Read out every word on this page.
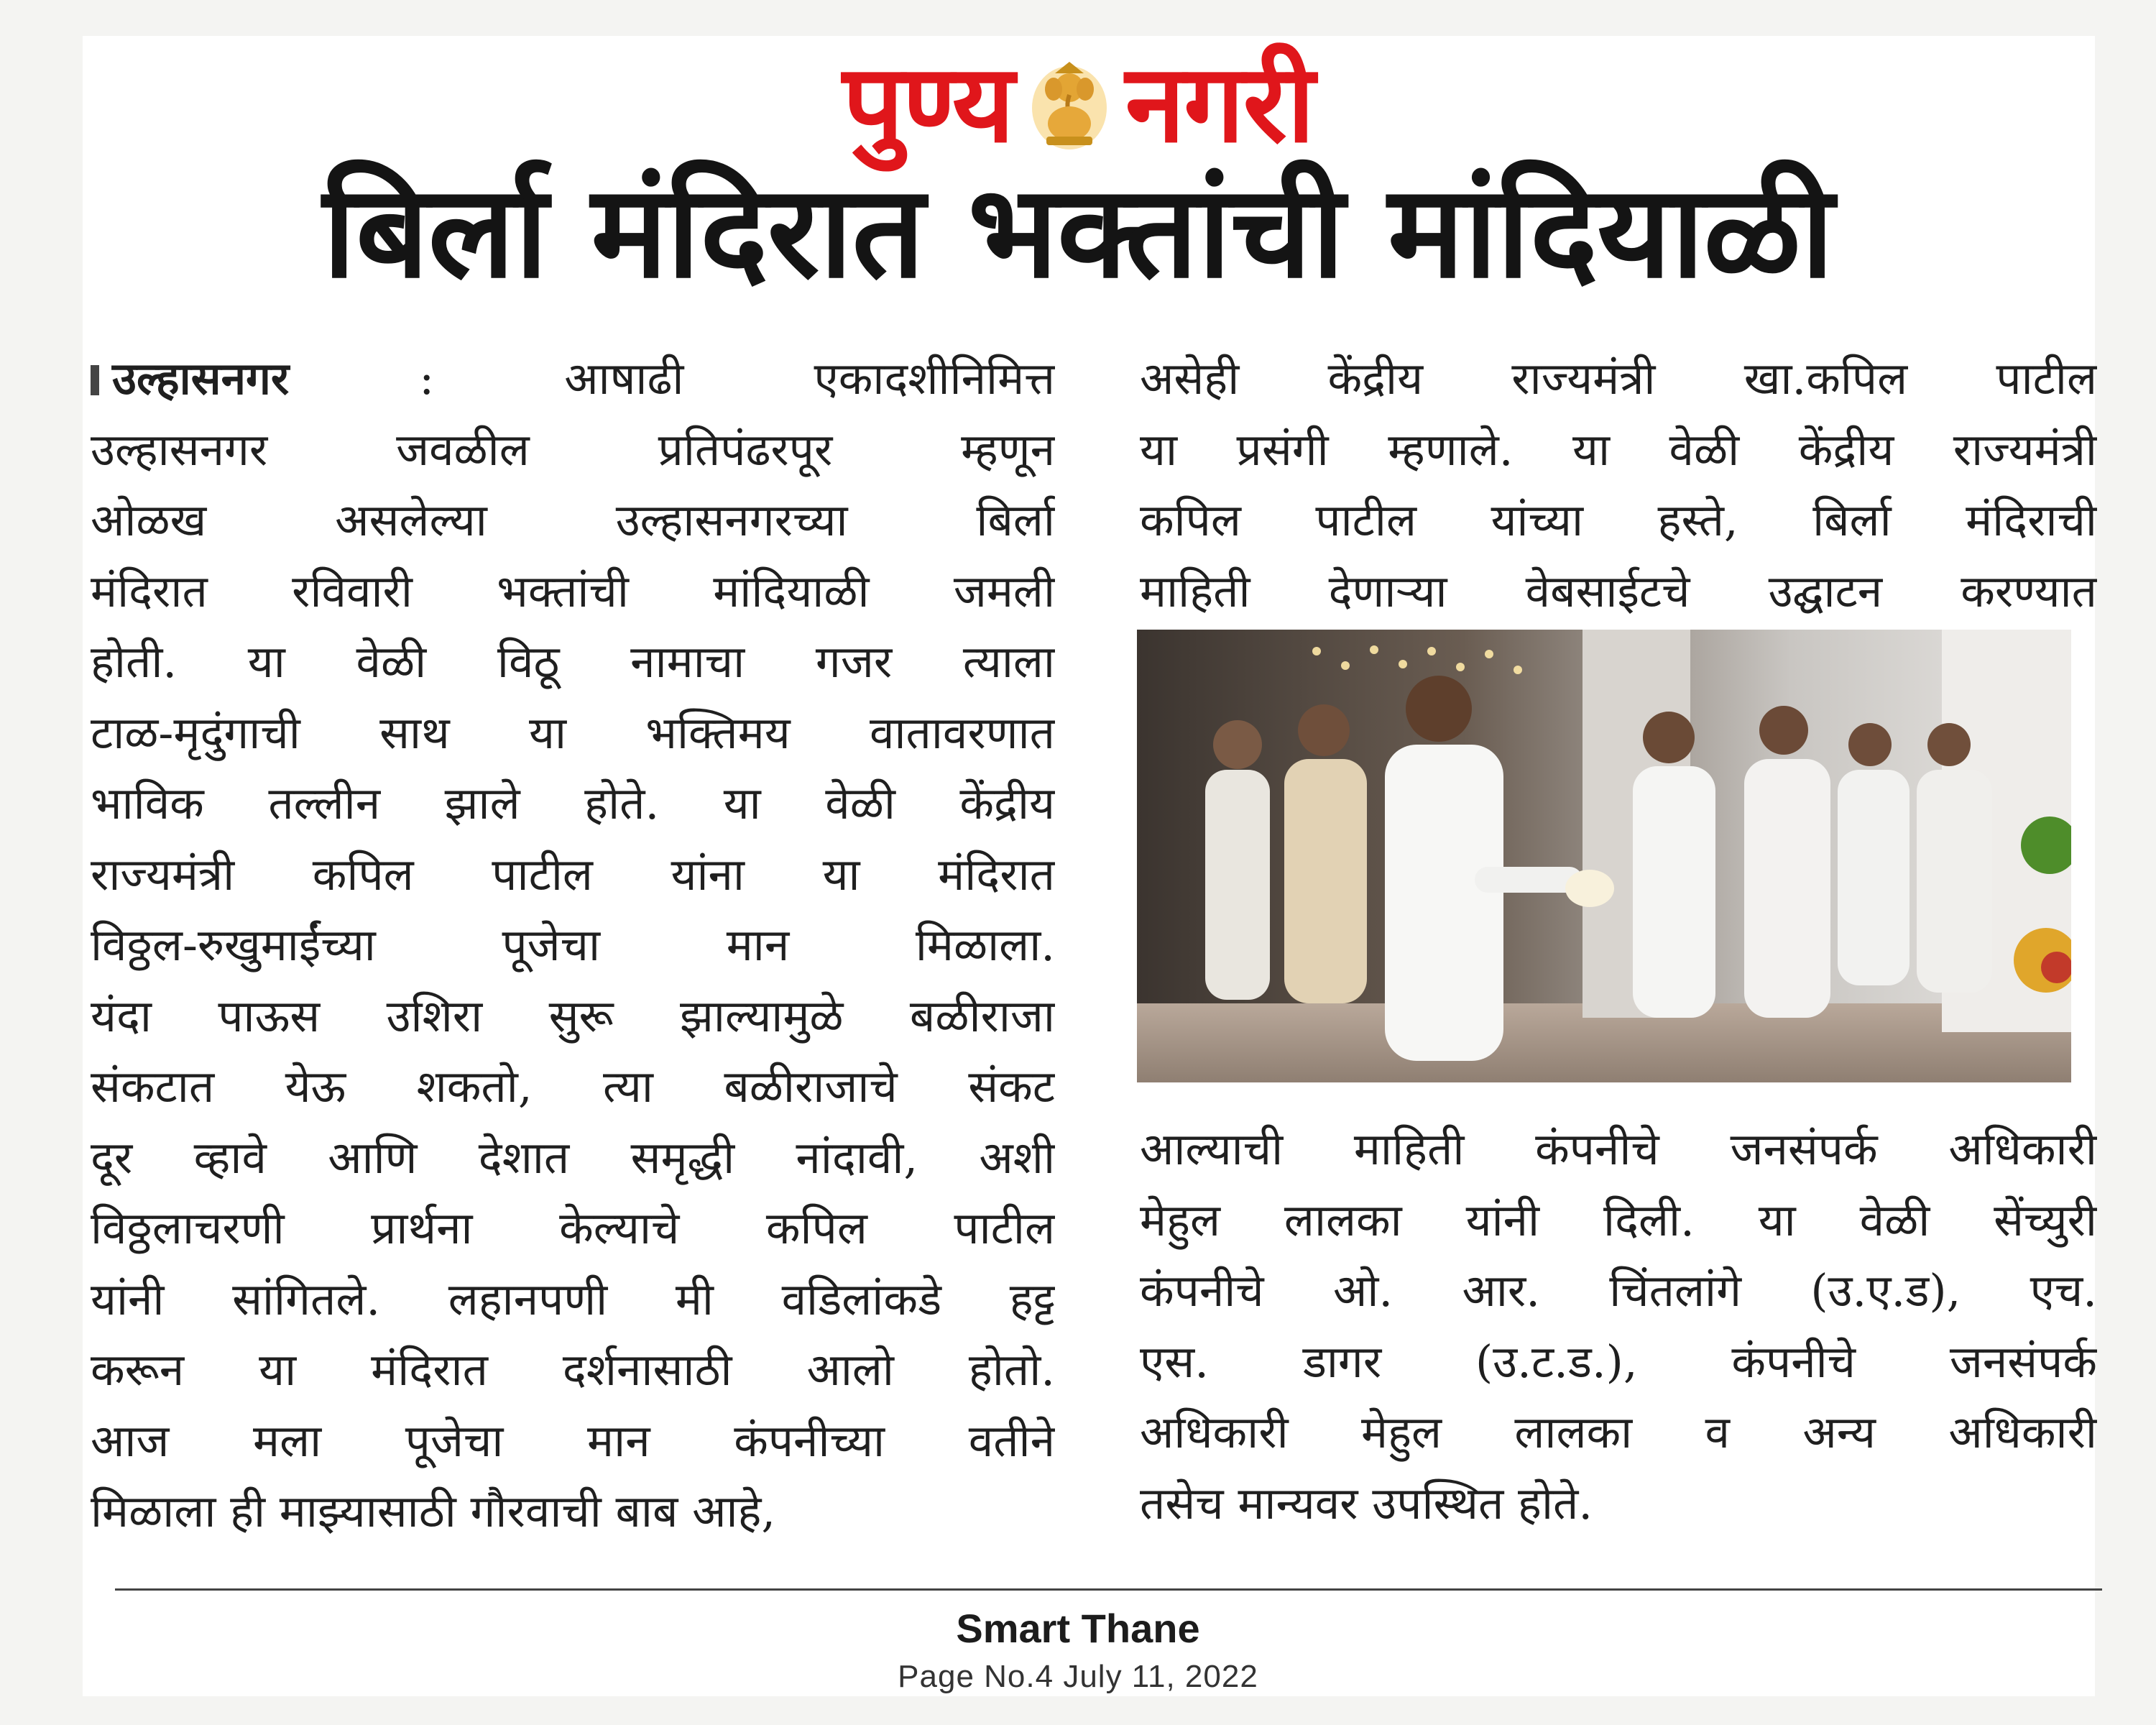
पुण्य नगरी
बिर्ला मंदिरात भक्तांची मांदियाळी
उल्हासनगर : आषाढी एकादशीनिमित्त
उल्हासनगर जवळील प्रतिपंढरपूर म्हणून
ओळख असलेल्या उल्हासनगरच्या बिर्ला
मंदिरात रविवारी भक्तांची मांदियाळी जमली
होती. या वेळी विठू नामाचा गजर त्याला
टाळ-मृदुंगाची साथ या भक्तिमय वातावरणात
भाविक तल्लीन झाले होते. या वेळी केंद्रीय
राज्यमंत्री कपिल पाटील यांना या मंदिरात
विठ्ठल-रुखुमाईंच्या पूजेचा मान मिळाला.
यंदा पाऊस उशिरा सुरू झाल्यामुळे बळीराजा
संकटात येऊ शकतो, त्या बळीराजाचे संकट
दूर व्हावे आणि देशात समृद्धी नांदावी, अशी
विठ्ठलाचरणी प्रार्थना केल्याचे कपिल पाटील
यांनी सांगितले. लहानपणी मी वडिलांकडे हट्ट
करून या मंदिरात दर्शनासाठी आलो होतो.
आज मला पूजेचा मान कंपनीच्या वतीने
मिळाला ही माझ्यासाठी गौरवाची बाब आहे,
असेही केंद्रीय राज्यमंत्री खा.कपिल पाटील
या प्रसंगी म्हणाले. या वेळी केंद्रीय राज्यमंत्री
कपिल पाटील यांच्या हस्ते, बिर्ला मंदिराची
माहिती देणाऱ्या वेबसाईटचे उद्घाटन करण्यात
आल्याची माहिती कंपनीचे जनसंपर्क अधिकारी
मेहुल लालका यांनी दिली. या वेळी सेंच्युरी
कंपनीचे ओ. आर. चिंतलांगे (उ.ए.ड), एच.
एस. डागर (उ.ट.ड.), कंपनीचे जनसंपर्क
अधिकारी मेहुल लालका व अन्य अधिकारी
तसेच मान्यवर उपस्थित होते.
Smart Thane
Page No.4 July 11, 2022
